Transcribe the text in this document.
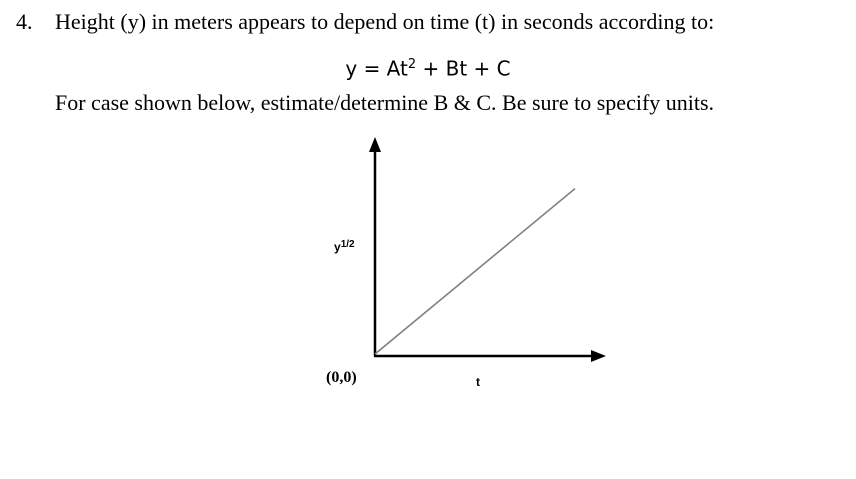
4. Height (y) in meters appears to depend on time (t) in seconds according to:
$y = At^2 + Bt + C$
For case shown below, estimate/determine B & C. Be sure to specify units.
$y^{1/2}$
(0,0)	t
